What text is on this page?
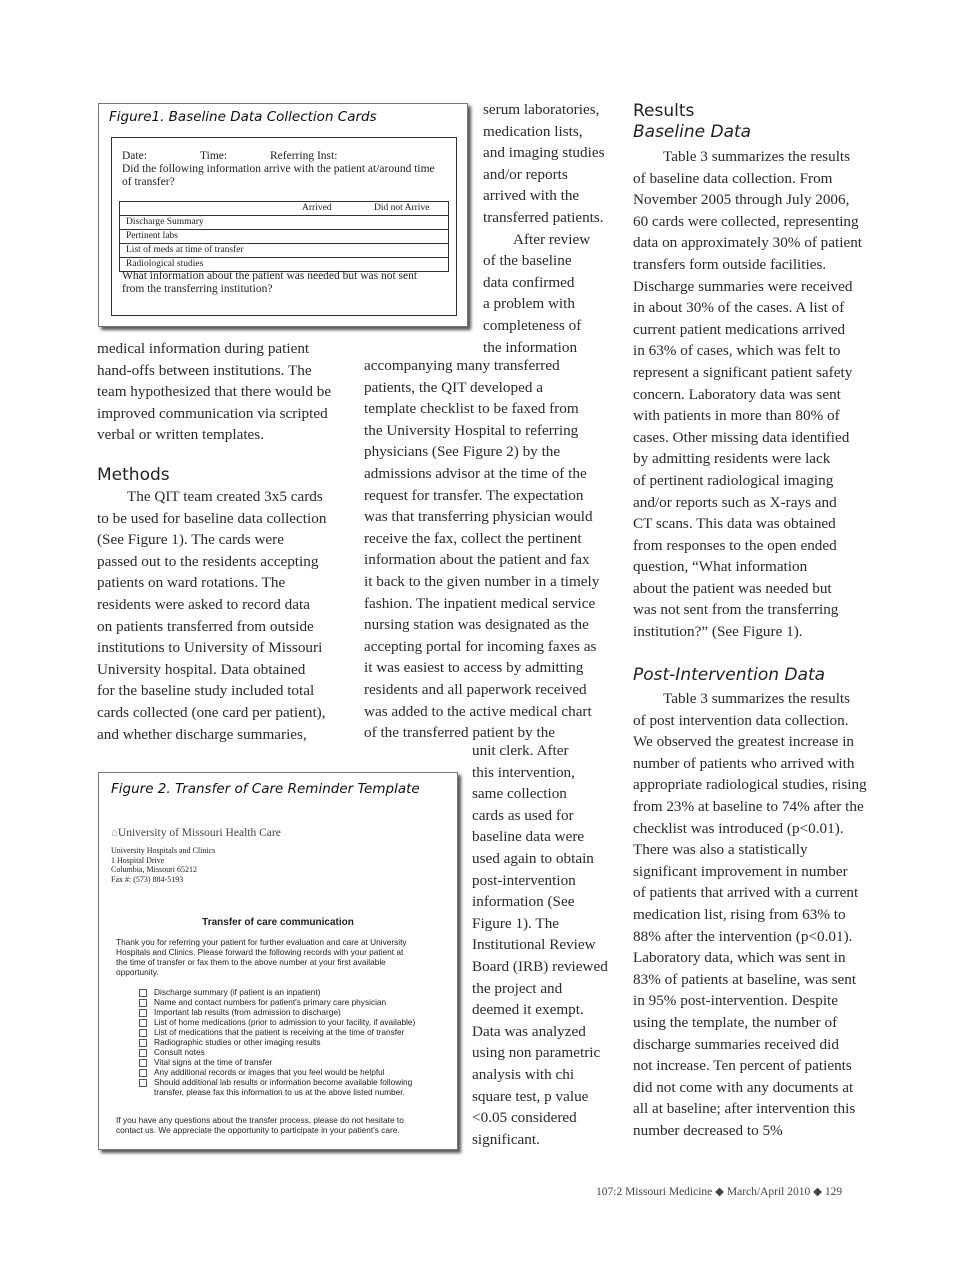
Figure1. Baseline Data Collection Cards
Date:	Time:	Referring Inst:
Did the following information arrive with the patient at/around time
of transfer?
Arrived	Did not Arrive
Discharge Summary
Pertinent labs
List of meds at time of transfer
Radiological studies
What information about the patient was needed but was not sent
from the transferring institution?
Figure 2. Transfer of Care Reminder Template
⌂University of Missouri Health Care
University Hospitals and Clinics
1 Hospital Drive
Columbia, Missouri 65212
Fax #: (573) 884-5193
Transfer of care communication
Thank you for referring your patient for further evaluation and care at University
Hospitals and Clinics. Please forward the following records with your patient at
the time of transfer or fax them to the above number at your first available
opportunity.
Discharge summary (if patient is an inpatient)
Name and contact numbers for patient's primary care physician
Important lab results (from admission to discharge)
List of home medications (prior to admission to your facility, if available)
List of medications that the patient is receiving at the time of transfer
Radiographic studies or other imaging results
Consult notes
Vital signs at the time of transfer
Any additional records or images that you feel would be helpful
Should additional lab results or information become available following transfer, please fax this information to us at the above listed number.
If you have any questions about the transfer process, please do not hesitate to
contact us. We appreciate the opportunity to participate in your patient's care.
Methods
Results
Baseline Data
Post-Intervention Data
medical information during patient
hand-offs between institutions. The
team hypothesized that there would be
improved communication via scripted
verbal or written templates.
The QIT team created 3x5 cards
to be used for baseline data collection
(See Figure 1). The cards were
passed out to the residents accepting
patients on ward rotations. The
residents were asked to record data
on patients transferred from outside
institutions to University of Missouri
University hospital. Data obtained
for the baseline study included total
cards collected (one card per patient),
and whether discharge summaries,
serum laboratories,
medication lists,
and imaging studies
and/or reports
arrived with the
transferred patients.
After review
of the baseline
data confirmed
a problem with
completeness of
the information
accompanying many transferred
patients, the QIT developed a
template checklist to be faxed from
the University Hospital to referring
physicians (See Figure 2) by the
admissions advisor at the time of the
request for transfer. The expectation
was that transferring physician would
receive the fax, collect the pertinent
information about the patient and fax
it back to the given number in a timely
fashion. The inpatient medical service
nursing station was designated as the
accepting portal for incoming faxes as
it was easiest to access by admitting
residents and all paperwork received
was added to the active medical chart
of the transferred patient by the
unit clerk. After
this intervention,
same collection
cards as used for
baseline data were
used again to obtain
post-intervention
information (See
Figure 1). The
Institutional Review
Board (IRB) reviewed
the project and
deemed it exempt.
Data was analyzed
using non parametric
analysis with chi
square test, p value
<0.05 considered
significant.
Table 3 summarizes the results
of baseline data collection. From
November 2005 through July 2006,
60 cards were collected, representing
data on approximately 30% of patient
transfers form outside facilities.
Discharge summaries were received
in about 30% of the cases. A list of
current patient medications arrived
in 63% of cases, which was felt to
represent a significant patient safety
concern. Laboratory data was sent
with patients in more than 80% of
cases. Other missing data identified
by admitting residents were lack
of pertinent radiological imaging
and/or reports such as X-rays and
CT scans. This data was obtained
from responses to the open ended
question, “What information
about the patient was needed but
was not sent from the transferring
institution?” (See Figure 1).
Table 3 summarizes the results
of post intervention data collection.
We observed the greatest increase in
number of patients who arrived with
appropriate radiological studies, rising
from 23% at baseline to 74% after the
checklist was introduced (p<0.01).
There was also a statistically
significant improvement in number
of patients that arrived with a current
medication list, rising from 63% to
88% after the intervention (p<0.01).
Laboratory data, which was sent in
83% of patients at baseline, was sent
in 95% post-intervention. Despite
using the template, the number of
discharge summaries received did
not increase. Ten percent of patients
did not come with any documents at
all at baseline; after intervention this
number decreased to 5%
107:2 Missouri Medicine ◆ March/April 2010 ◆ 129
